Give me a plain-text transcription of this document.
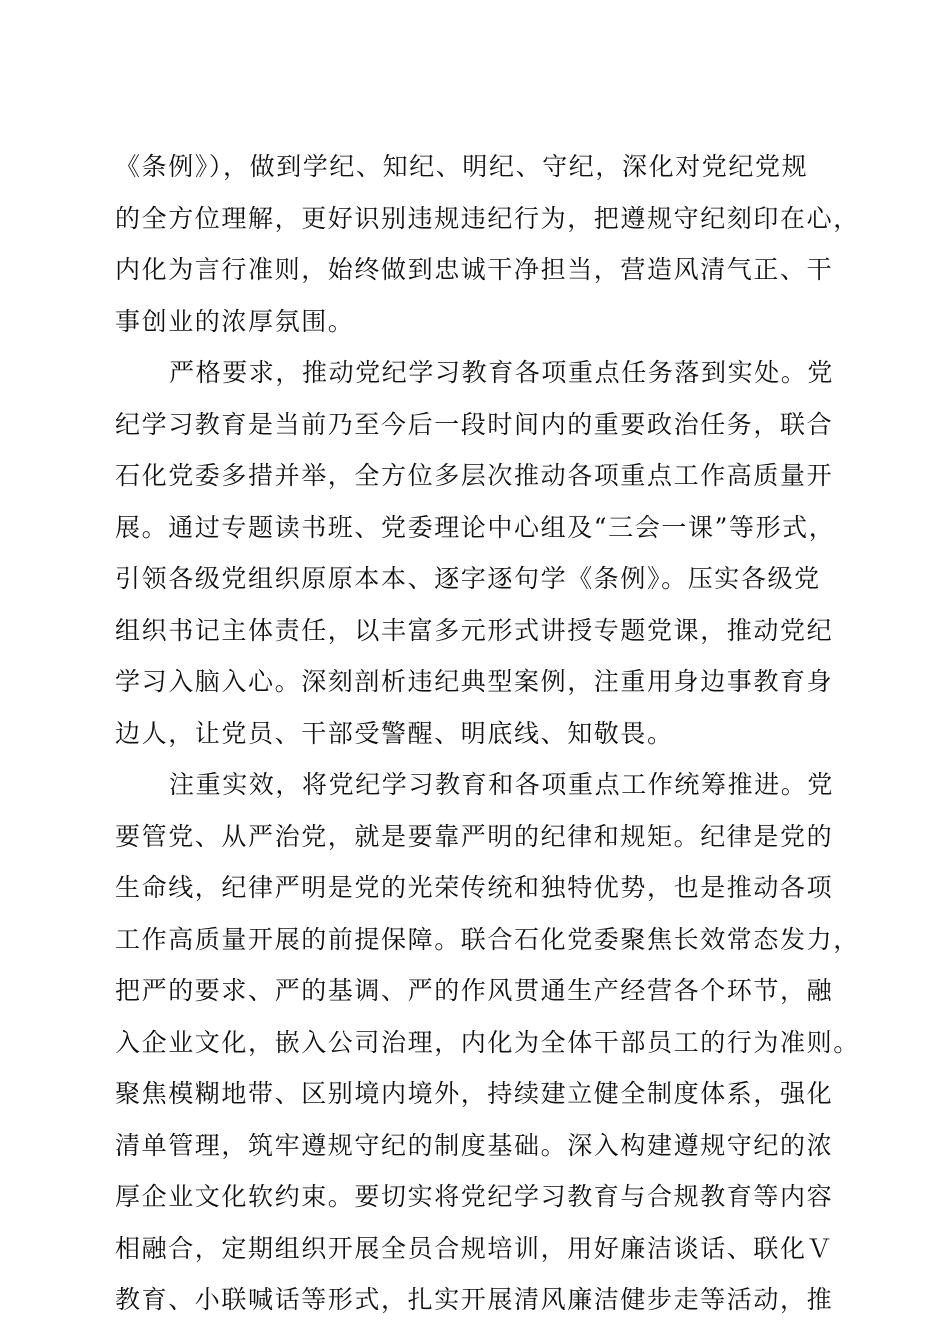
《条例》），做到学纪、知纪、明纪、守纪，深化对党纪党规
的全方位理解，更好识别违规违纪行为，把遵规守纪刻印在心，
内化为言行准则，始终做到忠诚干净担当，营造风清气正、干
事创业的浓厚氛围。
严格要求，推动党纪学习教育各项重点任务落到实处。党
纪学习教育是当前乃至今后一段时间内的重要政治任务，联合
石化党委多措并举，全方位多层次推动各项重点工作高质量开
展。通过专题读书班、党委理论中心组及“三会一课”等形式，
引领各级党组织原原本本、逐字逐句学《条例》。压实各级党
组织书记主体责任，以丰富多元形式讲授专题党课，推动党纪
学习入脑入心。深刻剖析违纪典型案例，注重用身边事教育身
边人，让党员、干部受警醒、明底线、知敬畏。
注重实效，将党纪学习教育和各项重点工作统筹推进。党
要管党、从严治党，就是要靠严明的纪律和规矩。纪律是党的
生命线，纪律严明是党的光荣传统和独特优势，也是推动各项
工作高质量开展的前提保障。联合石化党委聚焦长效常态发力，
把严的要求、严的基调、严的作风贯通生产经营各个环节，融
入企业文化，嵌入公司治理，内化为全体干部员工的行为准则。
聚焦模糊地带、区别境内境外，持续建立健全制度体系，强化
清单管理，筑牢遵规守纪的制度基础。深入构建遵规守纪的浓
厚企业文化软约束。要切实将党纪学习教育与合规教育等内容
相融合，定期组织开展全员合规培训，用好廉洁谈话、联化Ｖ
教育、小联喊话等形式，扎实开展清风廉洁健步走等活动，推
